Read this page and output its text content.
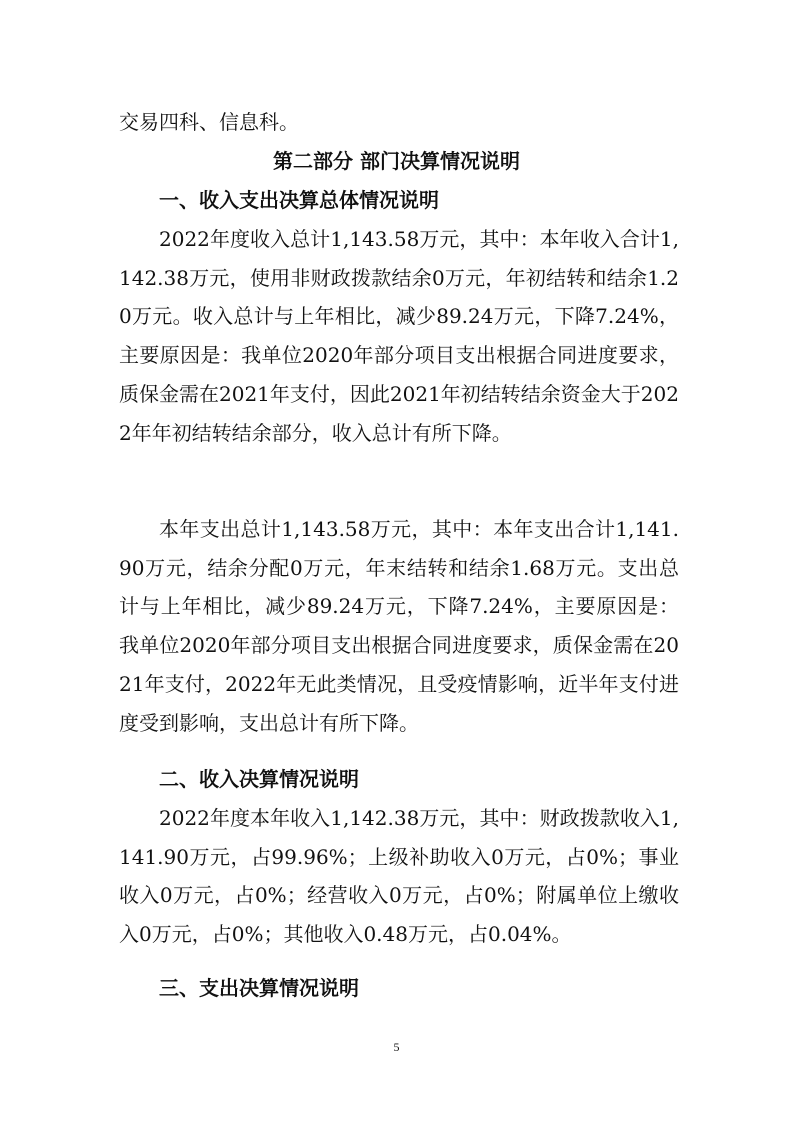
交易四科、信息科。
第二部分 部门决算情况说明
一、收入支出决算总体情况说明
2022年度收入总计1,143.58万元，其中：本年收入合计1,142.38万元，使用非财政拨款结余0万元，年初结转和结余1.20万元。收入总计与上年相比，减少89.24万元，下降7.24%，主要原因是：我单位2020年部分项目支出根据合同进度要求，质保金需在2021年支付，因此2021年初结转结余资金大于2022年年初结转结余部分，收入总计有所下降。
本年支出总计1,143.58万元，其中：本年支出合计1,141.90万元，结余分配0万元，年末结转和结余1.68万元。支出总计与上年相比，减少89.24万元，下降7.24%，主要原因是：我单位2020年部分项目支出根据合同进度要求，质保金需在2021年支付，2022年无此类情况，且受疫情影响，近半年支付进度受到影响，支出总计有所下降。
二、收入决算情况说明
2022年度本年收入1,142.38万元，其中：财政拨款收入1,141.90万元，占99.96%；上级补助收入0万元，占0%；事业收入0万元，占0%；经营收入0万元，占0%；附属单位上缴收入0万元，占0%；其他收入0.48万元，占0.04%。
三、支出决算情况说明
5
